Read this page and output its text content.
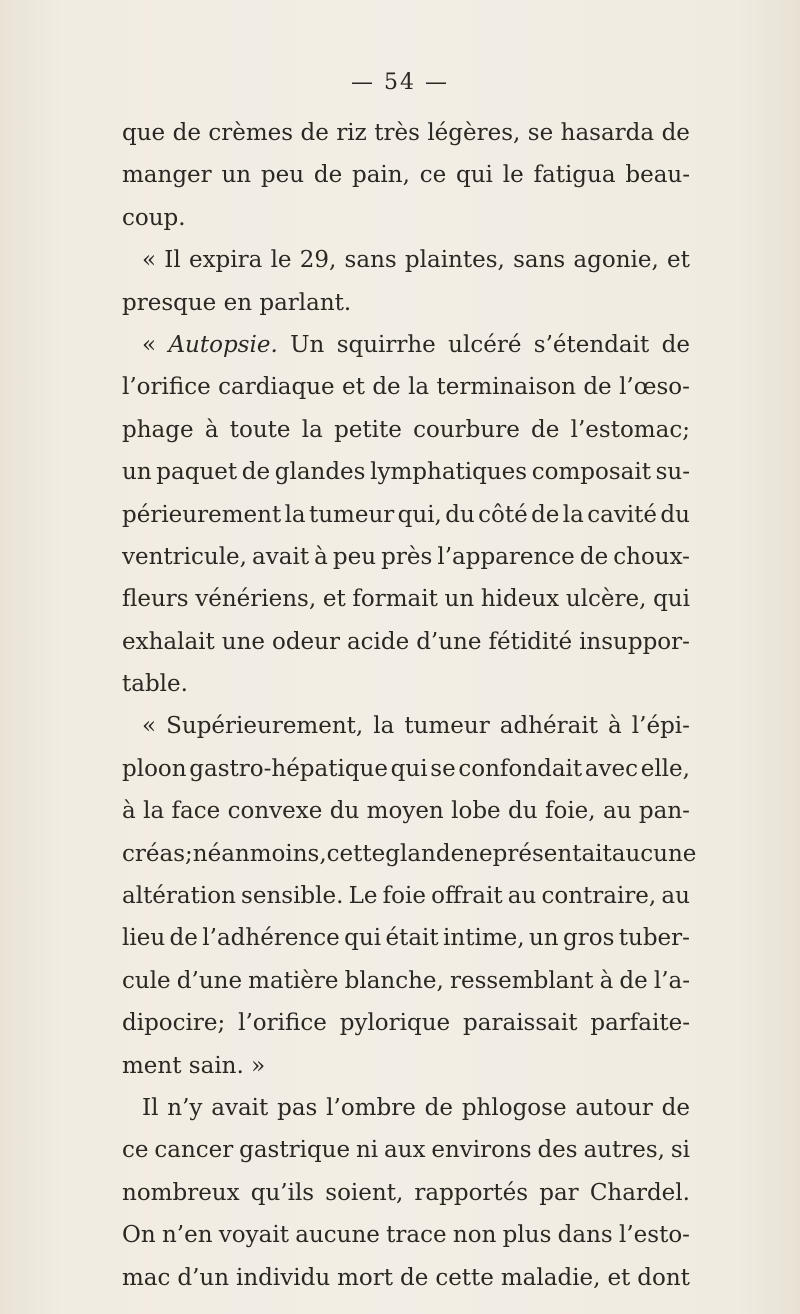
— 54 —
que de crèmes de riz très légères, se hasarda de
manger un peu de pain, ce qui le fatigua beau-
coup.
« Il expira le 29, sans plaintes, sans agonie, et
presque
en
parlant.
« Autopsie. Un squirrhe ulcéré s’étendait de
l’orifice cardiaque et de la terminaison de l’œso-
phage à toute la petite courbure de l’estomac;
un paquet de glandes lymphatiques composait su-
périeurement la tumeur qui, du côté de la cavité du
ventricule, avait à peu près l’apparence de choux-
fleurs vénériens, et formait un hideux ulcère, qui
exhalait une odeur acide d’une fétidité insuppor-
table.
« Supérieurement, la tumeur adhérait à l’épi-
ploon gastro-hépatique qui se confondait avec elle,
à la face convexe du moyen lobe du foie, au pan-
créas; néanmoins, cette glande ne présentait aucune
altération sensible. Le foie offrait au contraire, au
lieu de l’adhérence qui était intime, un gros tuber-
cule d’une matière blanche, ressemblant à de l’a-
dipocire; l’orifice pylorique paraissait parfaite-
ment
sain.
»
Il n’y avait pas l’ombre de phlogose autour de
ce cancer gastrique ni aux environs des autres, si
nombreux qu’ils soient, rapportés par Chardel.
On n’en voyait aucune trace non plus dans l’esto-
mac d’un individu mort de cette maladie, et dont
